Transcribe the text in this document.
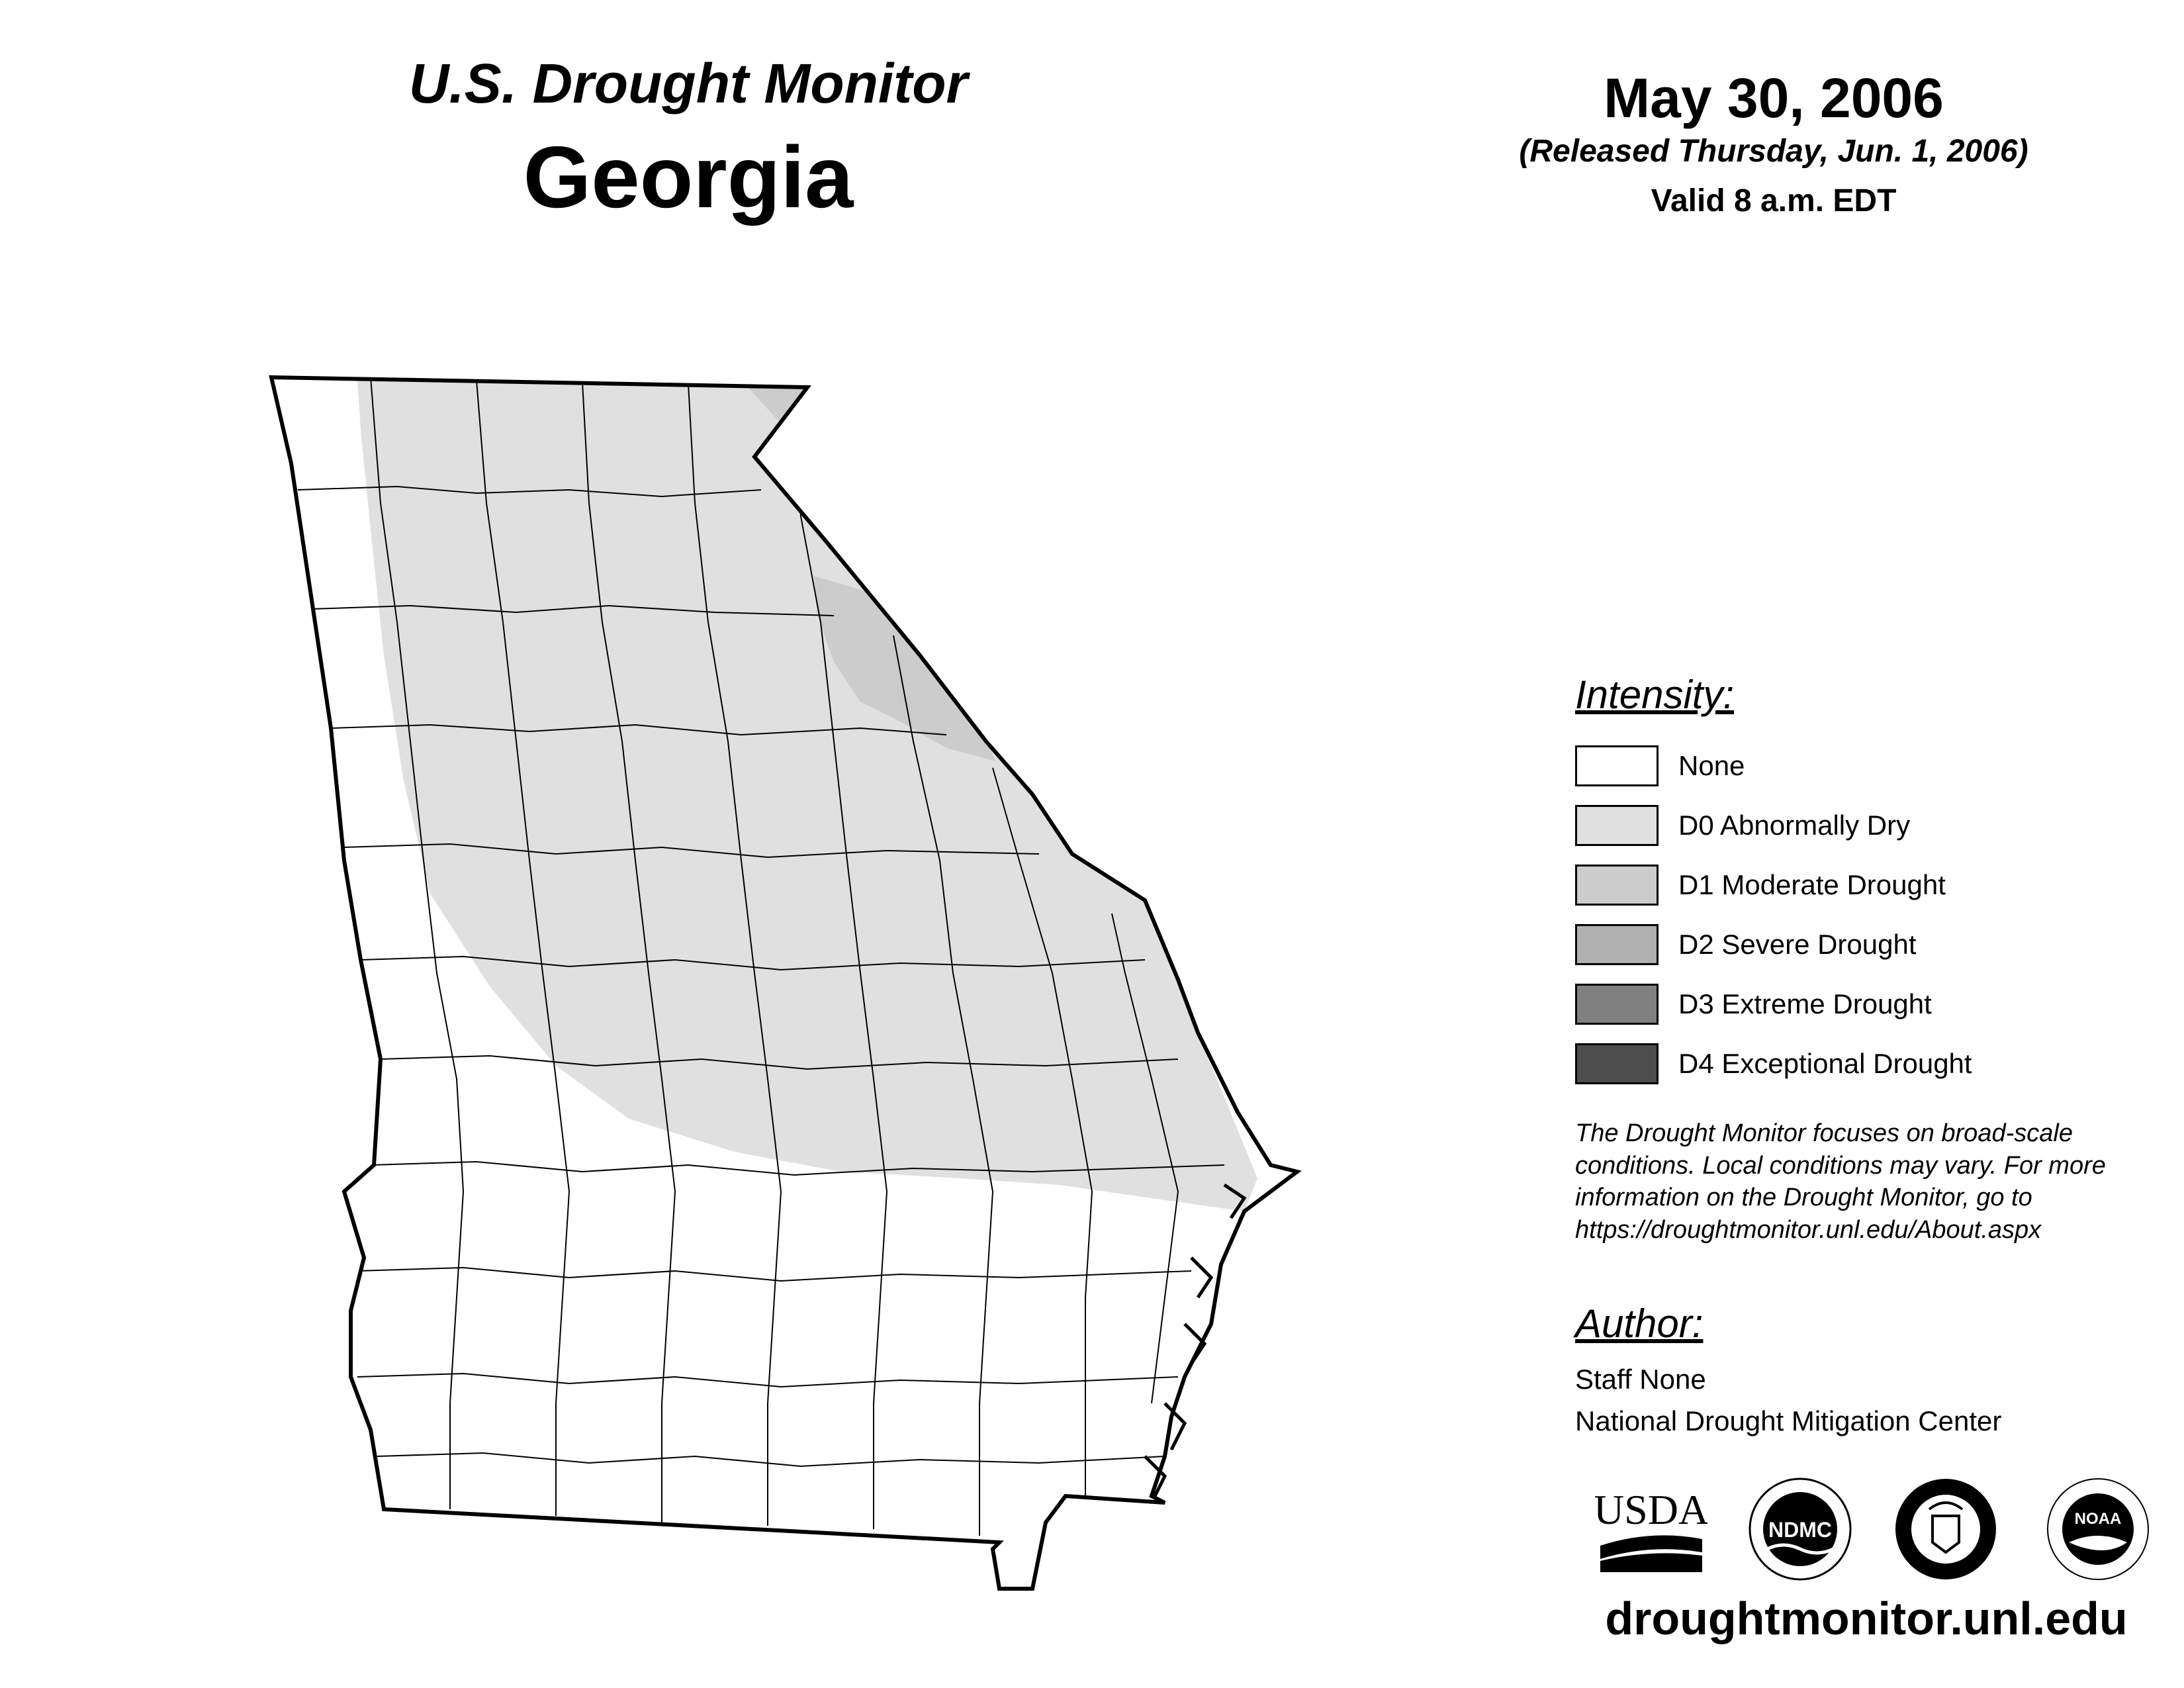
U.S. Drought Monitor
Georgia
May 30, 2006
(Released Thursday, Jun. 1, 2006)
Valid 8 a.m. EDT
Intensity:
None
D0 Abnormally Dry
D1 Moderate Drought
D2 Severe Drought
D3 Extreme Drought
D4 Exceptional Drought
The Drought Monitor focuses on broad-scale
conditions. Local conditions may vary. For more
information on the Drought Monitor, go to
https://droughtmonitor.unl.edu/About.aspx
Author:
Staff None
National Drought Mitigation Center
USDA	NDMC	NOAA
droughtmonitor.unl.edu
